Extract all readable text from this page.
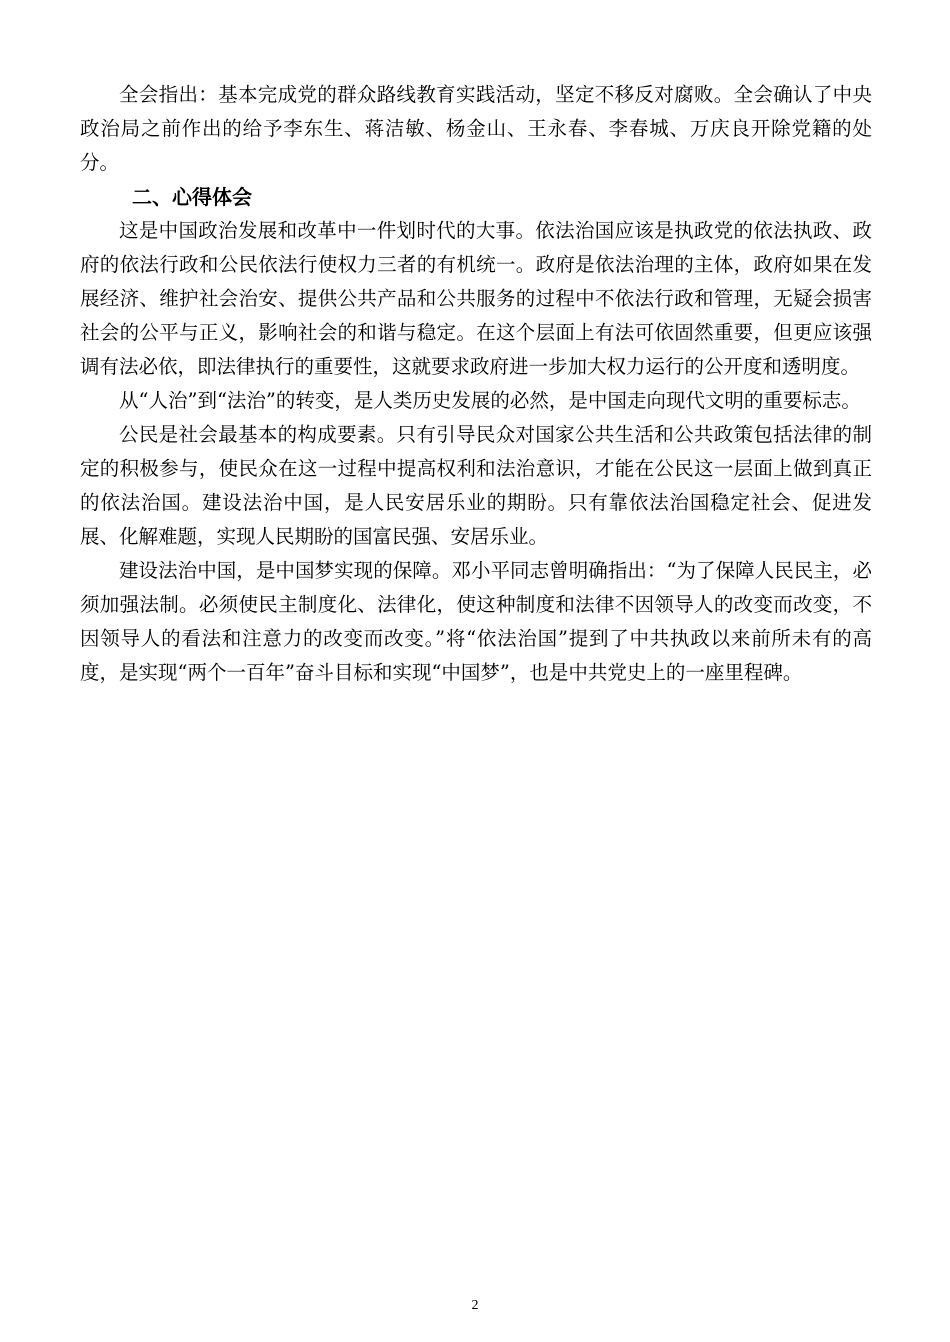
全会指出：基本完成党的群众路线教育实践活动，坚定不移反对腐败。全会确认了中央政治局之前作出的给予李东生、蒋洁敏、杨金山、王永春、李春城、万庆良开除党籍的处分。

二、心得体会

这是中国政治发展和改革中一件划时代的大事。依法治国应该是执政党的依法执政、政府的依法行政和公民依法行使权力三者的有机统一。政府是依法治理的主体，政府如果在发展经济、维护社会治安、提供公共产品和公共服务的过程中不依法行政和管理，无疑会损害社会的公平与正义，影响社会的和谐与稳定。在这个层面上有法可依固然重要，但更应该强调有法必依，即法律执行的重要性，这就要求政府进一步加大权力运行的公开度和透明度。

从“人治”到“法治”的转变，是人类历史发展的必然，是中国走向现代文明的重要标志。

公民是社会最基本的构成要素。只有引导民众对国家公共生活和公共政策包括法律的制定的积极参与，使民众在这一过程中提高权利和法治意识，才能在公民这一层面上做到真正的依法治国。建设法治中国，是人民安居乐业的期盼。只有靠依法治国稳定社会、促进发展、化解难题，实现人民期盼的国富民强、安居乐业。

建设法治中国，是中国梦实现的保障。邓小平同志曾明确指出：“为了保障人民民主，必须加强法制。必须使民主制度化、法律化，使这种制度和法律不因领导人的改变而改变，不因领导人的看法和注意力的改变而改变。”将“依法治国”提到了中共执政以来前所未有的高度，是实现“两个一百年”奋斗目标和实现“中国梦”，也是中共党史上的一座里程碑。

2
